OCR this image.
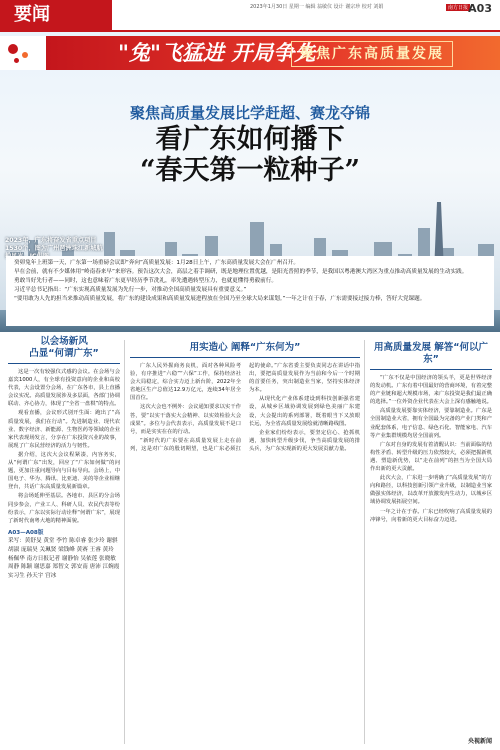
要闻	2023年1月30日 星期一 编辑 翁敏仪 设计 谢宗珍 校对 刘娟	南方日报 A03
"兔"飞猛进 开局争先
聚焦广东高质量发展
聚焦高质量发展比学赶超、赛龙夺锦
看广东如何播下
“春天第一粒种子”
2023年，广东将奋发省重点项目1530个，图为广州琶洲珠江新城航

癸卯兔年上班第一天，广东第一场重磅会议即“奔向”高质量发展：1月28日上午，广东高质量发展大会在广州召开。

早在会前，就有不少媒体用“岭南春来早”来形容。预告这次大会，高层之着手调研，既是地理位置优越，是阳光普照的季节，是我国以粤港澳大湾区为重点推动高质量发展的生动实践。

勇敢当好先行者——同时，这也意味着广东更早经历季节洗礼，率先遭遇转型压力，也就更懂得勇毅前行。

习近平总书记指出：“广东实现高质量发展为先行一步，对推动全国高质量发展具有重要意义。”

“要用敢为人先的担当来推动高质量发展，将广东的建设成果和高质量发展进程放在全国乃至全球大局来谋划。”一年之计在于春，广东需要接过接力棒，答好大党课题。

以会场新风
凸显“何谓广东”

这是一次有较强仪式感的会议。在会场与会嘉宾1000人，有全球有投资意向的企业和高校代表，大会设置分会场，在广东各市，县上直播会议实况。高质量发展涉及多层面，各部门协调联动、齐心协力，体现了“全省一盘棋”的特点。

观看直播，会议形式别开生面：跑出了“高质量发展，我们在行动”。先进制造业、现代农业、数字经济、新能源、生物医药等领域的企业家代表现场发言，分享在广东投资兴业的故事，展现了广东民营经济的活力与韧性。

据介绍，这次大会议程紧凑，内容务实，从“何谓广东”出发，回应了“广东如何做”的问题，更加注重问题导向与目标导向。会场上，中国电子、华为、腾讯、比亚迪、美的等企业相继登台，共话广东高质量发展新篇章。

将会场延伸至基层。各地市、县区的分会场同步参会，产业工人、科研人员、农民代表等纷纷表示，广东以实际行动诠释“何谓广东”，展现了新时代南粤大地的精神面貌。

A03—A08版
采写：黄舒旻 黄堂 李竹 陈卓睿 张少玲 谢骐 胡淑 庞瑞昊 关珮贤 梁钱峰 黄赛 王睿 黄玲 杨佩华 南方日报记者 谢静怡 吴依莲 张晓敏 周静 陈颖 谢思嘉 郑智文 郭安南 唐沛 江婉霞 实习生 孙天宇 宫冰
用实造心 阐释“广东何为”

广东人民外握商务良机，面对各种风险考验，有序推进“六稳”“六保”工作，保持经济社会大局稳定，综合实力迈上新台阶，2022年全省地区生产总值达12.9万亿元，连续34年居全国首位。

这次大会也不例外：会议通知要求以实干作答，要“以实干落实大会精神、以实效检验大会成果”。多位与会代表表示，高质量发展不是口号，而是实实在在的行动。

“新时代的广东要在高质量发展上走在前列，这是对广东的殷切期望，也是广东必须扛起的使命。”广东省委主要负责同志在讲话中指出，要把高质量发展作为当前和今后一个时期的首要任务，突出制造业当家，坚持实体经济为本。

从现代化产业体系建设到科技创新强省建设，从城乡区域协调发展到绿色美丽广东建设，大会提出的系列部署，既着眼当下又放眼长远，为全省高质量发展绘就清晰路线图。

企业家们纷纷表示，要坚定信心、抢抓机遇，加快转型升级步伐，争当高质量发展的排头兵，为广东实现新的更大发展贡献力量。

用高质量发展 解答“何以广东”

“广东不仅是中国经济的领头羊，更是世界经济的发动机。广东有着中国最好的营商环境，有着完整的产业链和超大规模市场，来广东投资是我们最正确的选择。”一位外资企业代表在大会上深有感触地说。

高质量发展要靠实体经济，要靠制造业。广东是全国制造业大省，拥有全国最为完备的产业门类和产业配套体系，电子信息、绿色石化、智能家电、汽车等产业集群规模均居全国前列。

广东对自身的发展有着清醒认识：当前面临的结构性矛盾、转型升级的压力依然较大，必须把握新机遇、塑造新优势，以“走在前列”的担当为全国大局作出新的更大贡献。

此次大会，广东进一步明确了“高质量发展”的方向和路径，以科技创新引领产业升级，以制造业当家做强实体经济，以改革开放激发内生动力，以城乡区域协调发展拓展空间。

一年之计在于春。广东已经吹响了高质量发展的冲锋号，向着新的更大目标奋力迈进。

央视新闻
